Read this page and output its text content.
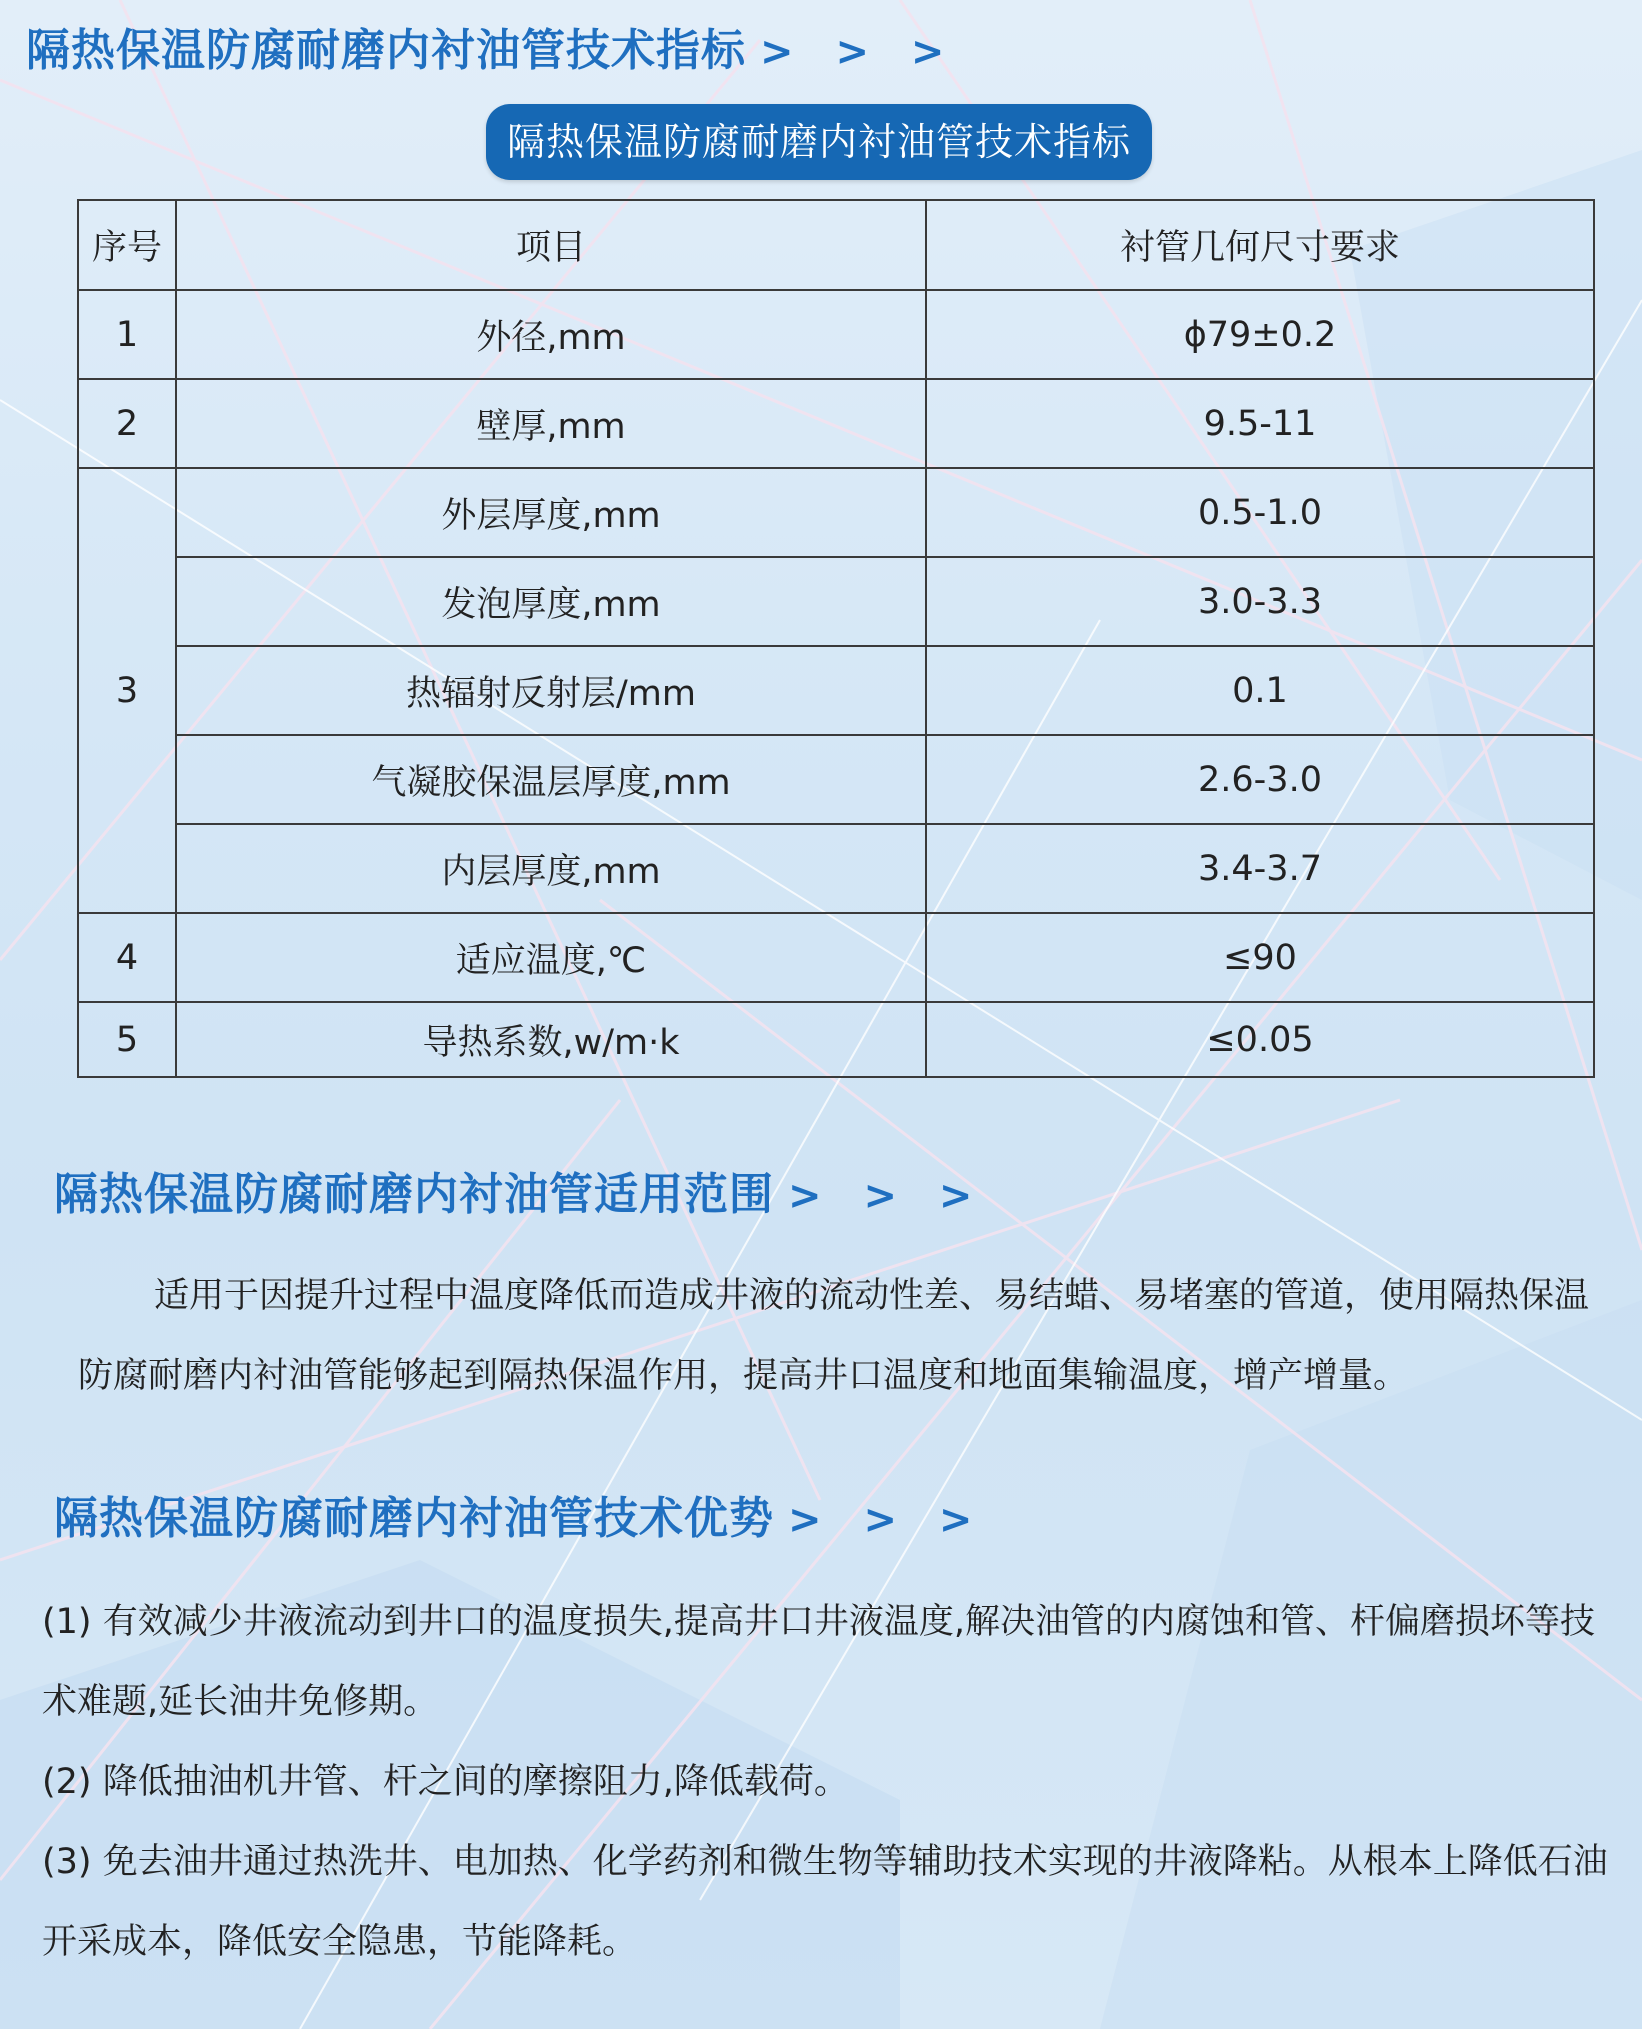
隔热保温防腐耐磨内衬油管技术指标 > > >
隔热保温防腐耐磨内衬油管技术指标
序号	项目	衬管几何尺寸要求
1	外径,mm	ϕ79±0.2
2	壁厚,mm	9.5-11
3	外层厚度,mm	0.5-1.0
	发泡厚度,mm	3.0-3.3
	热辐射反射层/mm	0.1
	气凝胶保温层厚度,mm	2.6-3.0
	内层厚度,mm	3.4-3.7
4	适应温度,℃	≤90
5	导热系数,w/m·k	≤0.05
隔热保温防腐耐磨内衬油管适用范围 > > >

适用于因提升过程中温度降低而造成井液的流动性差、易结蜡、易堵塞的管道，使用隔热保温防腐耐磨内衬油管能够起到隔热保温作用，提高井口温度和地面集输温度，增产增量。

隔热保温防腐耐磨内衬油管技术优势 > > >

(1) 有效减少井液流动到井口的温度损失,提高井口井液温度,解决油管的内腐蚀和管、杆偏磨损坏等技术难题,延长油井免修期。

(2) 降低抽油机井管、杆之间的摩擦阻力,降低载荷。

(3) 免去油井通过热洗井、电加热、化学药剂和微生物等辅助技术实现的井液降粘。从根本上降低石油开采成本，降低安全隐患，节能降耗。
